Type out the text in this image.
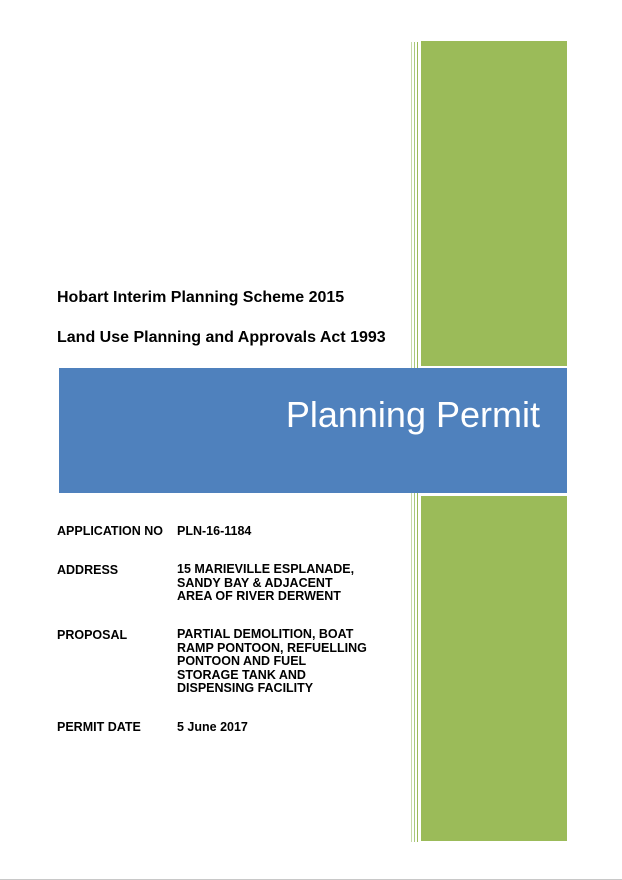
Hobart Interim Planning Scheme 2015
Land Use Planning and Approvals Act 1993
Planning Permit
APPLICATION NO PLN-16-1184
ADDRESS	15 MARIEVILLE ESPLANADE,
SANDY BAY & ADJACENT
AREA OF RIVER DERWENT
PROPOSAL	PARTIAL DEMOLITION, BOAT
RAMP PONTOON, REFUELLING
PONTOON AND FUEL
STORAGE TANK AND
DISPENSING FACILITY
PERMIT DATE	5 June 2017
